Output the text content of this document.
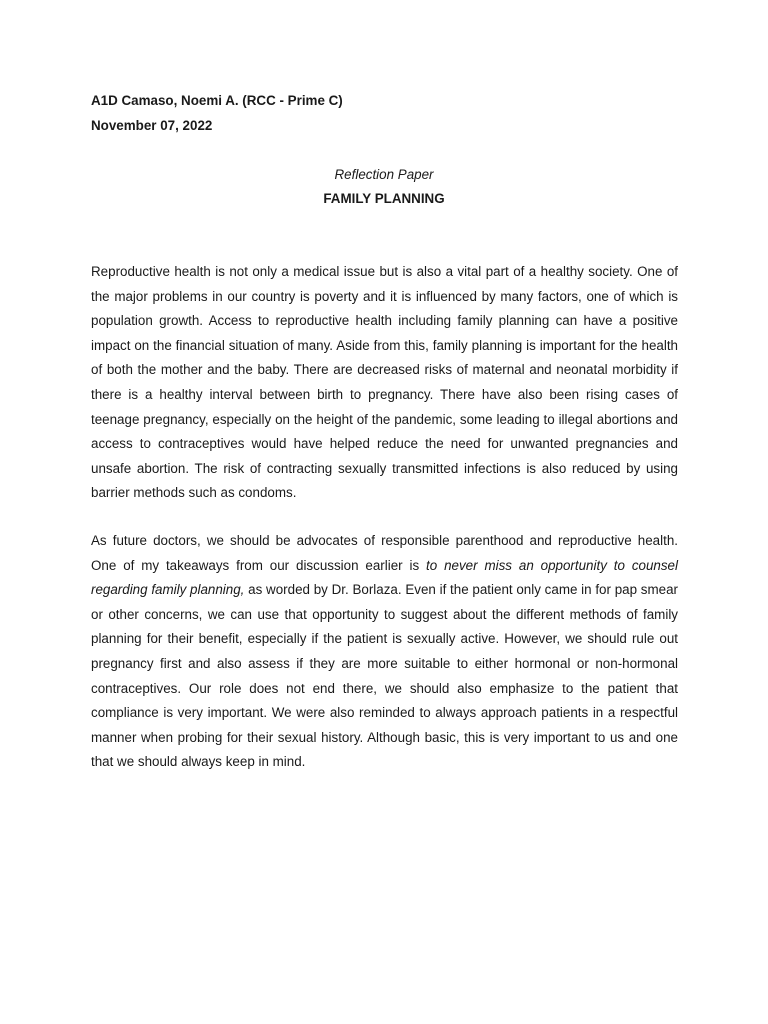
A1D Camaso, Noemi A. (RCC - Prime C)
November 07, 2022
Reflection Paper
FAMILY PLANNING

Reproductive health is not only a medical issue but is also a vital part of a healthy society. One of the major problems in our country is poverty and it is influenced by many factors, one of which is population growth. Access to reproductive health including family planning can have a positive impact on the financial situation of many. Aside from this, family planning is important for the health of both the mother and the baby. There are decreased risks of maternal and neonatal morbidity if there is a healthy interval between birth to pregnancy. There have also been rising cases of teenage pregnancy, especially on the height of the pandemic, some leading to illegal abortions and access to contraceptives would have helped reduce the need for unwanted pregnancies and unsafe abortion. The risk of contracting sexually transmitted infections is also reduced by using barrier methods such as condoms.

As future doctors, we should be advocates of responsible parenthood and reproductive health. One of my takeaways from our discussion earlier is to never miss an opportunity to counsel regarding family planning, as worded by Dr. Borlaza. Even if the patient only came in for pap smear or other concerns, we can use that opportunity to suggest about the different methods of family planning for their benefit, especially if the patient is sexually active. However, we should rule out pregnancy first and also assess if they are more suitable to either hormonal or non-hormonal contraceptives. Our role does not end there, we should also emphasize to the patient that compliance is very important. We were also reminded to always approach patients in a respectful manner when probing for their sexual history. Although basic, this is very important to us and one that we should always keep in mind.
